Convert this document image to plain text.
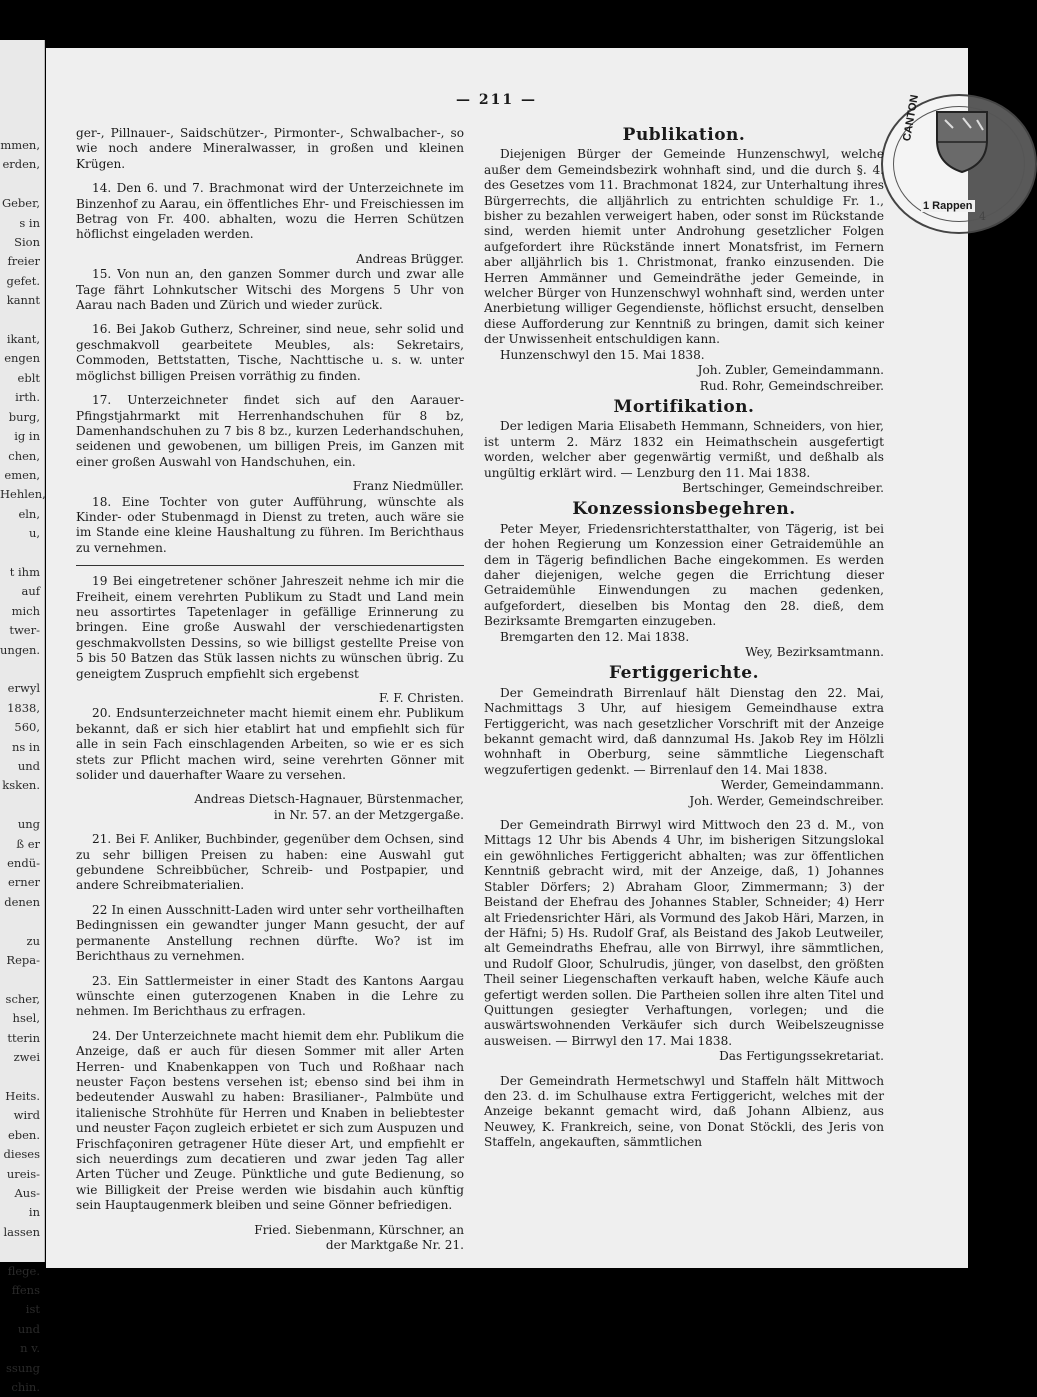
mmen,
erden,

Geber,
s in
Sion
freier
gefet.
kannt

ikant,
engen
eblt
irth.
burg,
ig in
chen,
emen,
Hehlen,
eln,
u,

t ihm
auf
mich
twer-
ungen.

erwyl
1838,
560,
ns in
und
ksken.

ung
ß er
endü-
erner
denen

zu
Repa-

scher,
hsel,
tterin
zwei

Heits.
wird
eben.
dieses
ureis-
Aus-
in
lassen

flege.
ffens
ist
und
n v.
ssung
chin.
— 211 —	CANTON
1 Rappen
4

ger-, Pillnauer-, Saidschützer-, Pirmonter-, Schwalbacher-, so wie noch andere Mineralwasser, in großen und kleinen Krügen.

14. Den 6. und 7. Brachmonat wird der Unterzeichnete im Binzenhof zu Aarau, ein öffentliches Ehr- und Freischiessen im Betrag von Fr. 400. abhalten, wozu die Herren Schützen höflichst eingeladen werden.

Andreas Brügger.

15. Von nun an, den ganzen Sommer durch und zwar alle Tage fährt Lohnkutscher Witschi des Morgens 5 Uhr von Aarau nach Baden und Zürich und wieder zurück.

16. Bei Jakob Gutherz, Schreiner, sind neue, sehr solid und geschmakvoll gearbeitete Meubles, als: Sekretairs, Commoden, Bettstatten, Tische, Nachttische u. s. w. unter möglichst billigen Preisen vorräthig zu finden.

17. Unterzeichneter findet sich auf den Aarauer-Pfingstjahrmarkt mit Herrenhandschuhen für 8 bz, Damenhandschuhen zu 7 bis 8 bz., kurzen Lederhandschuhen, seidenen und gewobenen, um billigen Preis, im Ganzen mit einer großen Auswahl von Handschuhen, ein.

Franz Niedmüller.

18. Eine Tochter von guter Aufführung, wünschte als Kinder- oder Stubenmagd in Dienst zu treten, auch wäre sie im Stande eine kleine Haushaltung zu führen. Im Berichthaus zu vernehmen.

19 Bei eingetretener schöner Jahreszeit nehme ich mir die Freiheit, einem verehrten Publikum zu Stadt und Land mein neu assortirtes Tapetenlager in gefällige Erinnerung zu bringen. Eine große Auswahl der verschiedenartigsten geschmakvollsten Dessins, so wie billigst gestellte Preise von 5 bis 50 Batzen das Stük lassen nichts zu wünschen übrig. Zu geneigtem Zuspruch empfiehlt sich ergebenst

F. F. Christen.

20. Endsunterzeichneter macht hiemit einem ehr. Publikum bekannt, daß er sich hier etablirt hat und empfiehlt sich für alle in sein Fach einschlagenden Arbeiten, so wie er es sich stets zur Pflicht machen wird, seine verehrten Gönner mit solider und dauerhafter Waare zu versehen.

Andreas Dietsch-Hagnauer, Bürstenmacher,

in Nr. 57. an der Metzgergaße.

21. Bei F. Anliker, Buchbinder, gegenüber dem Ochsen, sind zu sehr billigen Preisen zu haben: eine Auswahl gut gebundene Schreibbücher, Schreib- und Postpapier, und andere Schreibmaterialien.

22 In einen Ausschnitt-Laden wird unter sehr vortheilhaften Bedingnissen ein gewandter junger Mann gesucht, der auf permanente Anstellung rechnen dürfte. Wo? ist im Berichthaus zu vernehmen.

23. Ein Sattlermeister in einer Stadt des Kantons Aargau wünschte einen guterzogenen Knaben in die Lehre zu nehmen. Im Berichthaus zu erfragen.

24. Der Unterzeichnete macht hiemit dem ehr. Publikum die Anzeige, daß er auch für diesen Sommer mit aller Arten Herren- und Knabenkappen von Tuch und Roßhaar nach neuster Façon bestens versehen ist; ebenso sind bei ihm in bedeutender Auswahl zu haben: Brasilianer-, Palmbüte und italienische Strohhüte für Herren und Knaben in beliebtester und neuster Façon zugleich erbietet er sich zum Auspuzen und Frischfaçoniren getragener Hüte dieser Art, und empfiehlt er sich neuerdings zum decatieren und zwar jeden Tag aller Arten Tücher und Zeuge. Pünktliche und gute Bedienung, so wie Billigkeit der Preise werden wie bisdahin auch künftig sein Hauptaugenmerk bleiben und seine Gönner befriedigen.

Fried. Siebenmann, Kürschner, an

der Marktgaße Nr. 21.

Publikation.

Diejenigen Bürger der Gemeinde Hunzenschwyl, welche außer dem Gemeindsbezirk wohnhaft sind, und die durch §. 4. des Gesetzes vom 11. Brachmonat 1824, zur Unterhaltung ihres Bürgerrechts, die alljährlich zu entrichten schuldige Fr. 1., bisher zu bezahlen verweigert haben, oder sonst im Rückstande sind, werden hiemit unter Androhung gesetzlicher Folgen aufgefordert ihre Rückstände innert Monatsfrist, im Fernern aber alljährlich bis 1. Christmonat, franko einzusenden. Die Herren Ammänner und Gemeindräthe jeder Gemeinde, in welcher Bürger von Hunzenschwyl wohnhaft sind, werden unter Anerbietung williger Gegendienste, höflichst ersucht, denselben diese Aufforderung zur Kenntniß zu bringen, damit sich keiner der Unwissenheit entschuldigen kann.

Hunzenschwyl den 15. Mai 1838.

Joh. Zubler, Gemeindammann.

Rud. Rohr, Gemeindschreiber.

Mortifikation.

Der ledigen Maria Elisabeth Hemmann, Schneiders, von hier, ist unterm 2. März 1832 ein Heimathschein ausgefertigt worden, welcher aber gegenwärtig vermißt, und deßhalb als ungültig erklärt wird. — Lenzburg den 11. Mai 1838.

Bertschinger, Gemeindschreiber.

Konzessionsbegehren.

Peter Meyer, Friedensrichterstatthalter, von Tägerig, ist bei der hohen Regierung um Konzession einer Getraidemühle an dem in Tägerig befindlichen Bache eingekommen. Es werden daher diejenigen, welche gegen die Errichtung dieser Getraidemühle Einwendungen zu machen gedenken, aufgefordert, dieselben bis Montag den 28. dieß, dem Bezirksamte Bremgarten einzugeben.

Bremgarten den 12. Mai 1838.

Wey, Bezirksamtmann.

Fertiggerichte.

Der Gemeindrath Birrenlauf hält Dienstag den 22. Mai, Nachmittags 3 Uhr, auf hiesigem Gemeindhause extra Fertiggericht, was nach gesetzlicher Vorschrift mit der Anzeige bekannt gemacht wird, daß dannzumal Hs. Jakob Rey im Hölzli wohnhaft in Oberburg, seine sämmtliche Liegenschaft wegzufertigen gedenkt. — Birrenlauf den 14. Mai 1838.

Werder, Gemeindammann.

Joh. Werder, Gemeindschreiber.

Der Gemeindrath Birrwyl wird Mittwoch den 23 d. M., von Mittags 12 Uhr bis Abends 4 Uhr, im bisherigen Sitzungslokal ein gewöhnliches Fertiggericht abhalten; was zur öffentlichen Kenntniß gebracht wird, mit der Anzeige, daß, 1) Johannes Stabler Dörfers; 2) Abraham Gloor, Zimmermann; 3) der Beistand der Ehefrau des Johannes Stabler, Schneider; 4) Herr alt Friedensrichter Häri, als Vormund des Jakob Häri, Marzen, in der Häfni; 5) Hs. Rudolf Graf, als Beistand des Jakob Leutweiler, alt Gemeindraths Ehefrau, alle von Birrwyl, ihre sämmtlichen, und Rudolf Gloor, Schulrudis, jünger, von daselbst, den größten Theil seiner Liegenschaften verkauft haben, welche Käufe auch gefertigt werden sollen. Die Partheien sollen ihre alten Titel und Quittungen gesiegter Verhaftungen, vorlegen; und die auswärtswohnenden Verkäufer sich durch Weibelszeugnisse ausweisen. — Birrwyl den 17. Mai 1838.

Das Fertigungssekretariat.

Der Gemeindrath Hermetschwyl und Staffeln hält Mittwoch den 23. d. im Schulhause extra Fertiggericht, welches mit der Anzeige bekannt gemacht wird, daß Johann Albienz, aus Neuwey, K. Frankreich, seine, von Donat Stöckli, des Jeris von Staffeln, angekauften, sämmtlichen
